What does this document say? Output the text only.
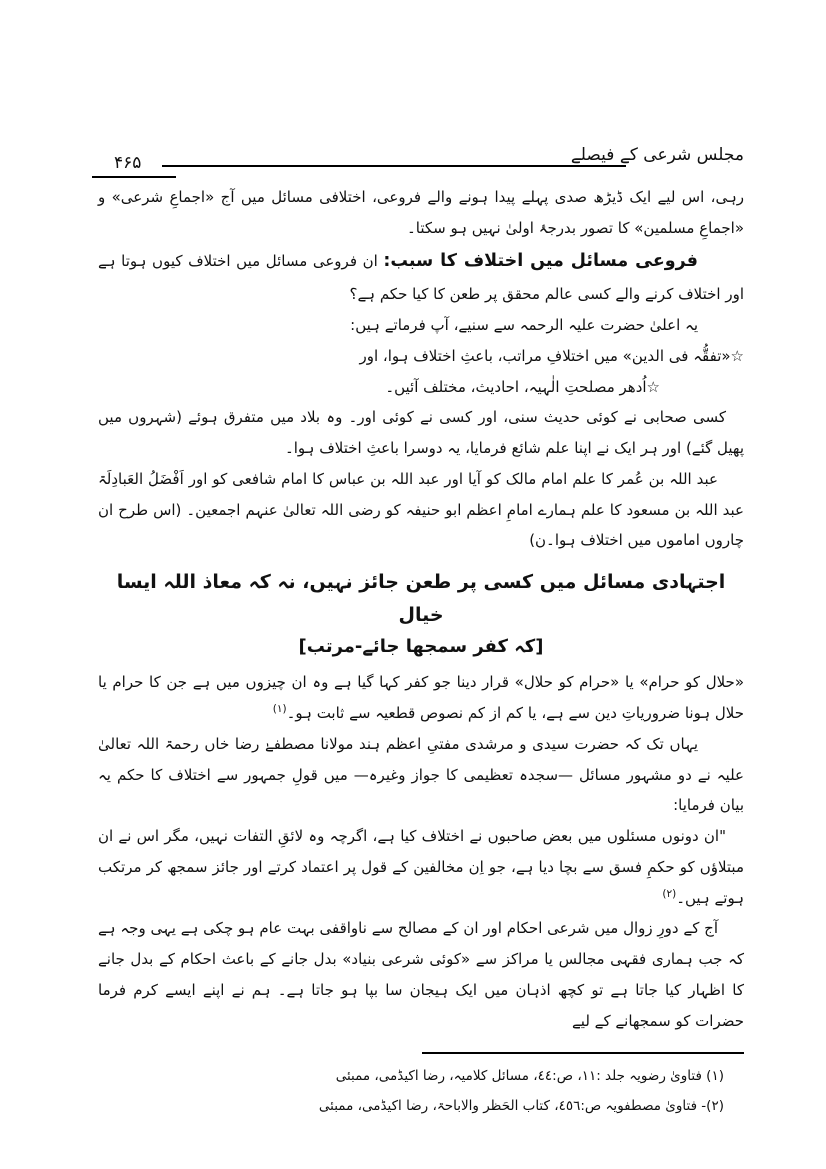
۴۶۵	مجلس شرعی کے فیصلے

رہی، اس لیے ایک ڈیڑھ صدی پہلے پیدا ہونے والے فروعی، اختلافی مسائل میں آج «اجماعِ شرعی» و «اجماعِ مسلمین» کا تصور بدرجۂ اولیٰ نہیں ہو سکتا۔

فروعی مسائل میں اختلاف کا سبب: ان فروعی مسائل میں اختلاف کیوں ہوتا ہے اور اختلاف کرنے والے کسی عالم محقق پر طعن کا کیا حکم ہے؟

یہ اعلیٰ حضرت علیہ الرحمہ سے سنیے، آپ فرماتے ہیں:

☆«تفقُّہ فی الدین» میں اختلافِ مراتب، باعثِ اختلاف ہوا، اور

☆اُدھر مصلحتِ الٰہیہ، احادیث، مختلف آئیں۔

کسی صحابی نے کوئی حدیث سنی، اور کسی نے کوئی اور۔ وہ بلاد میں متفرق ہوئے (شہروں میں پھیل گئے) اور ہر ایک نے اپنا علم شائع فرمایا، یہ دوسرا باعثِ اختلاف ہوا۔

عبد اللہ بن عُمر کا علم امام مالک کو آیا اور عبد اللہ بن عباس کا امام شافعی کو اور اَفْضَلُ العَبادِلَۃ عبد اللہ بن مسعود کا علم ہمارے امامِ اعظم ابو حنیفہ کو رضی اللہ تعالیٰ عنہم اجمعین۔ (اس طرح ان چاروں اماموں میں اختلاف ہوا۔ن)

اجتہادی مسائل میں کسی پر طعن جائز نہیں، نہ کہ معاذ اللہ ایسا خیال

[کہ کفر سمجھا جائے-مرتب]

«حلال کو حرام» یا «حرام کو حلال» قرار دینا جو کفر کہا گیا ہے وہ ان چیزوں میں ہے جن کا حرام یا حلال ہونا ضروریاتِ دین سے ہے، یا کم از کم نصوص قطعیہ سے ثابت ہو۔$^{(۱)}$

یہاں تک کہ حضرت سیدی و مرشدی مفتیِ اعظم ہند مولانا مصطفےٰ رضا خاں رحمۃ اللہ تعالیٰ علیہ نے دو مشہور مسائل —سجدہ تعظیمی کا جواز وغیرہ— میں قولِ جمہور سے اختلاف کا حکم یہ بیان فرمایا:

"ان دونوں مسئلوں میں بعض صاحبوں نے اختلاف کیا ہے، اگرچہ وہ لائقِ التفات نہیں، مگر اس نے ان مبتلاؤں کو حکمِ فسق سے بچا دیا ہے، جو اِن مخالفین کے قول پر اعتماد کرتے اور جائز سمجھ کر مرتکب ہوتے ہیں۔$^{(۲)}$

آج کے دورِ زوال میں شرعی احکام اور ان کے مصالح سے ناواقفی بہت عام ہو چکی ہے یہی وجہ ہے کہ جب ہماری فقہی مجالس یا مراکز سے «کوئی شرعی بنیاد» بدل جانے کے باعث احکام کے بدل جانے کا اظہار کیا جاتا ہے تو کچھ اذہان میں ایک ہیجان سا بپا ہو جاتا ہے۔ ہم نے اپنے ایسے کرم فرما حضرات کو سمجھانے کے لیے

(۱) فتاویٰ رضویہ جلد :۱۱، ص:٤٤، مسائل کلامیہ، رضا اکیڈمی، ممبئی

(۲)- فتاویٰ مصطفویہ ص:٤٥٦، کتاب الحَظر والاباحۃ، رضا اکیڈمی، ممبئی
